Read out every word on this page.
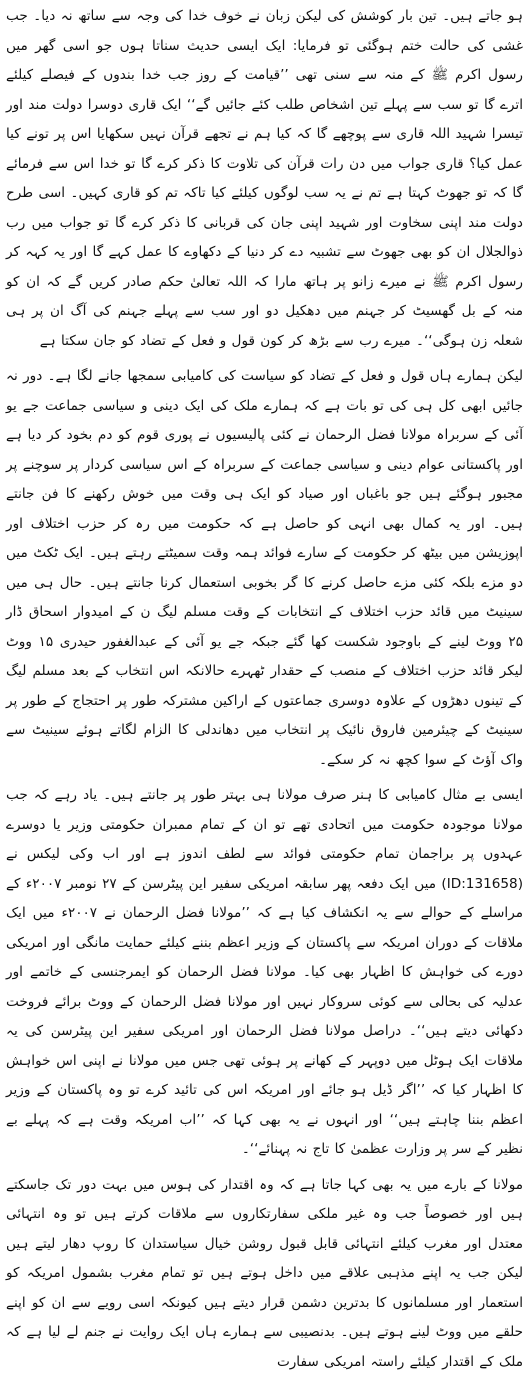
ہو جاتے ہیں۔ تین بار کوشش کی لیکن زبان نے خوف خدا کی وجہ سے ساتھ نہ دیا۔ جب غشی کی حالت ختم ہوگئی تو فرمایا: ایک ایسی حدیث سناتا ہوں جو اسی گھر میں رسول اکرم ﷺ کے منہ سے سنی تھی ’’قیامت کے روز جب خدا بندوں کے فیصلے کیلئے اترے گا تو سب سے پہلے تین اشخاص طلب کئے جائیں گے‘‘ ایک قاری دوسرا دولت مند اور تیسرا شہید اللہ قاری سے پوچھے گا کہ کیا ہم نے تجھے قرآن نہیں سکھایا اس پر تونے کیا عمل کیا؟ قاری جواب میں دن رات قرآن کی تلاوت کا ذکر کرے گا تو خدا اس سے فرمائے گا کہ تو جھوٹ کہتا ہے تم نے یہ سب لوگوں کیلئے کیا تاکہ تم کو قاری کہیں۔ اسی طرح دولت مند اپنی سخاوت اور شہید اپنی جان کی قربانی کا ذکر کرے گا تو جواب میں رب ذوالجلال ان کو بھی جھوٹ سے تشبیہ دے کر دنیا کے دکھاوے کا عمل کہے گا اور یہ کہہ کر رسول اکرم ﷺ نے میرے زانو پر ہاتھ مارا کہ اللہ تعالیٰ حکم صادر کریں گے کہ ان کو منہ کے بل گھسیٹ کر جہنم میں دھکیل دو اور سب سے پہلے جہنم کی آگ ان پر ہی شعلہ زن ہوگی‘‘۔ میرے رب سے بڑھ کر کون قول و فعل کے تضاد کو جان سکتا ہے

لیکن ہمارے ہاں قول و فعل کے تضاد کو سیاست کی کامیابی سمجھا جانے لگا ہے۔ دور نہ جائیں ابھی کل ہی کی تو بات ہے کہ ہمارے ملک کی ایک دینی و سیاسی جماعت جے یو آئی کے سربراہ مولانا فضل الرحمان نے کئی پالیسیوں نے پوری قوم کو دم بخود کر دیا ہے اور پاکستانی عوام دینی و سیاسی جماعت کے سربراہ کے اس سیاسی کردار پر سوچنے پر مجبور ہوگئے ہیں جو باغباں اور صیاد کو ایک ہی وقت میں خوش رکھنے کا فن جانتے ہیں۔ اور یہ کمال بھی انہی کو حاصل ہے کہ حکومت میں رہ کر حزب اختلاف اور اپوزیشن میں بیٹھ کر حکومت کے سارے فوائد ہمہ وقت سمیٹتے رہتے ہیں۔ ایک ٹکٹ میں دو مزے بلکہ کئی مزے حاصل کرنے کا گر بخوبی استعمال کرنا جانتے ہیں۔ حال ہی میں سینیٹ میں قائد حزب اختلاف کے انتخابات کے وقت مسلم لیگ ن کے امیدوار اسحاق ڈار ۲۵ ووٹ لینے کے باوجود شکست کھا گئے جبکہ جے یو آئی کے عبدالغفور حیدری ۱۵ ووٹ لیکر قائد حزب اختلاف کے منصب کے حقدار ٹھہرے حالانکہ اس انتخاب کے بعد مسلم لیگ کے تینوں دھڑوں کے علاوہ دوسری جماعتوں کے اراکین مشترکہ طور پر احتجاج کے طور پر سینیٹ کے چیئرمین فاروق نائیک پر انتخاب میں دھاندلی کا الزام لگاتے ہوئے سینیٹ سے واک آؤٹ کے سوا کچھ نہ کر سکے۔

ایسی بے مثال کامیابی کا ہنر صرف مولانا ہی بہتر طور پر جانتے ہیں۔ یاد رہے کہ جب مولانا موجودہ حکومت میں اتحادی تھے تو ان کے تمام ممبران حکومتی وزیر یا دوسرے عہدوں پر براجمان تمام حکومتی فوائد سے لطف اندوز ہے اور اب وکی لیکس نے (ID:131658) میں ایک دفعہ پھر سابقہ امریکی سفیر این پیٹرسن کے ۲۷ نومبر ۲۰۰۷ء کے مراسلے کے حوالے سے یہ انکشاف کیا ہے کہ ’’مولانا فضل الرحمان نے ۲۰۰۷ء میں ایک ملاقات کے دوران امریکہ سے پاکستان کے وزیر اعظم بننے کیلئے حمایت مانگی اور امریکی دورے کی خواہش کا اظہار بھی کیا۔ مولانا فضل الرحمان کو ایمرجنسی کے خاتمے اور عدلیہ کی بحالی سے کوئی سروکار نہیں اور مولانا فضل الرحمان کے ووٹ برائے فروخت دکھائی دیتے ہیں‘‘۔ دراصل مولانا فضل الرحمان اور امریکی سفیر این پیٹرسن کی یہ ملاقات ایک ہوٹل میں دوپہر کے کھانے پر ہوئی تھی جس میں مولانا نے اپنی اس خواہش کا اظہار کیا کہ ’’اگر ڈیل ہو جائے اور امریکہ اس کی تائید کرے تو وہ پاکستان کے وزیر اعظم بننا چاہتے ہیں‘‘ اور انہوں نے یہ بھی کہا کہ ’’اب امریکہ وقت ہے کہ پہلے بے نظیر کے سر پر وزارت عظمیٰ کا تاج نہ پہنائے‘‘۔

مولانا کے بارے میں یہ بھی کہا جاتا ہے کہ وہ اقتدار کی ہوس میں بہت دور تک جاسکتے ہیں اور خصوصاً جب وہ غیر ملکی سفارتکاروں سے ملاقات کرتے ہیں تو وہ انتہائی معتدل اور مغرب کیلئے انتہائی قابل قبول روشن خیال سیاستدان کا روپ دھار لیتے ہیں لیکن جب یہ اپنے مذہبی علاقے میں داخل ہوتے ہیں تو تمام مغرب بشمول امریکہ کو استعمار اور مسلمانوں کا بدترین دشمن قرار دیتے ہیں کیونکہ اسی رویے سے ان کو اپنے حلقے میں ووٹ لینے ہوتے ہیں۔ بدنصیبی سے ہمارے ہاں ایک روایت نے جنم لے لیا ہے کہ ملک کے اقتدار کیلئے راستہ امریکی سفارت
